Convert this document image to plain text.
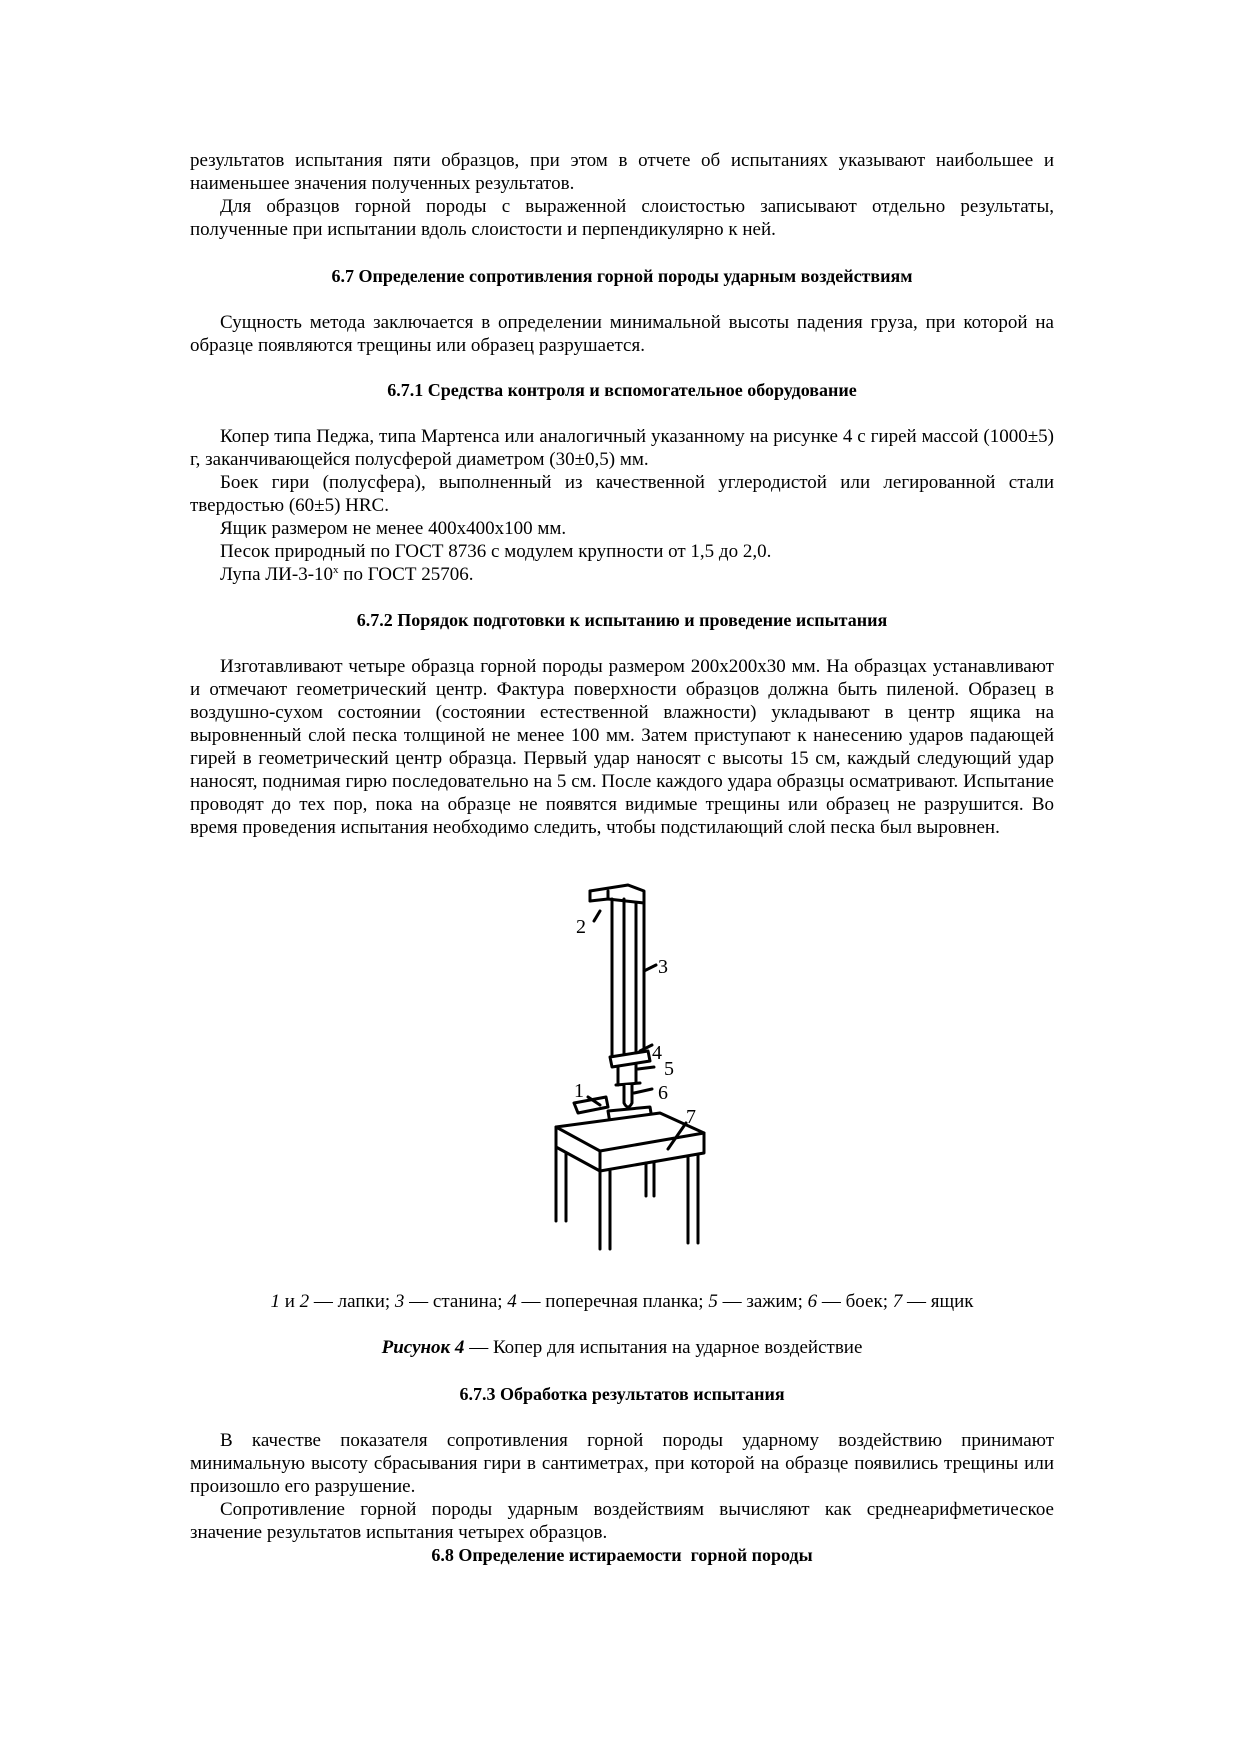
результатов испытания пяти образцов, при этом в отчете об испытаниях указывают наибольшее и наименьшее значения полученных результатов.

Для образцов горной породы с выраженной слоистостью записывают отдельно результаты, полученные при испытании вдоль слоистости и перпендикулярно к ней.

6.7 Определение сопротивления горной породы ударным воздействиям

Сущность метода заключается в определении минимальной высоты падения груза, при которой на образце появляются трещины или образец разрушается.

6.7.1 Средства контроля и вспомогательное оборудование

Копер типа Педжа, типа Мартенса или аналогичный указанному на рисунке 4 с гирей массой (1000±5) г, заканчивающейся полусферой диаметром (30±0,5) мм.

Боек гири (полусфера), выполненный из качественной углеродистой или легированной стали твердостью (60±5) HRC.

Ящик размером не менее 400х400х100 мм.

Песок природный по ГОСТ 8736 с модулем крупности от 1,5 до 2,0.

Лупа $ЛИ-3-10^х$ по ГОСТ 25706.

6.7.2 Порядок подготовки к испытанию и проведение испытания

Изготавливают четыре образца горной породы размером 200х200х30 мм. На образцах устанавливают и отмечают геометрический центр. Фактура поверхности образцов должна быть пиленой. Образец в воздушно-сухом состоянии (состоянии естественной влажности) укладывают в центр ящика на выровненный слой песка толщиной не менее 100 мм. Затем приступают к нанесению ударов падающей гирей в геометрический центр образца. Первый удар наносят с высоты 15 см, каждый следующий удар наносят, поднимая гирю последовательно на 5 см. После каждого удара образцы осматривают. Испытание проводят до тех пор, пока на образце не появятся видимые трещины или образец не разрушится. Во время проведения испытания необходимо следить, чтобы подстилающий слой песка был выровнен.

2
3
4
5
6
1
7
1 и 2 — лапки; 3 — станина; 4 — поперечная планка; 5 — зажим; 6 — боек; 7 — ящик
Рисунок 4 — Копер для испытания на ударное воздействие
6.7.3 Обработка результатов испытания

В качестве показателя сопротивления горной породы ударному воздействию принимают минимальную высоту сбрасывания гири в сантиметрах, при которой на образце появились трещины или произошло его разрушение.

Сопротивление горной породы ударным воздействиям вычисляют как среднеарифметическое значение результатов испытания четырех образцов.

6.8 Определение истираемости  горной породы
